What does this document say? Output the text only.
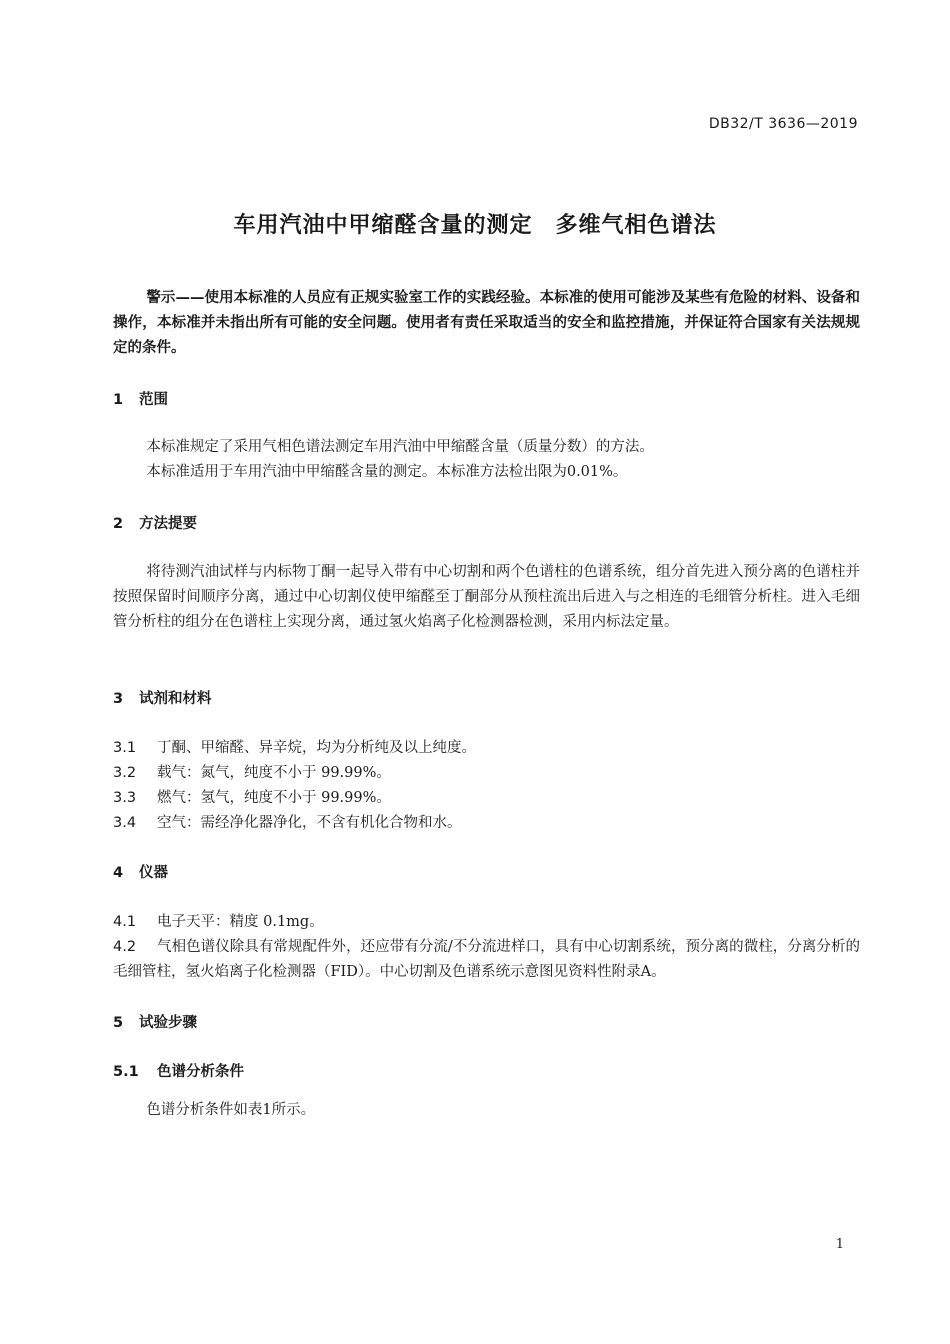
DB32/T 3636—2019
车用汽油中甲缩醛含量的测定　多维气相色谱法
警示——使用本标准的人员应有正规实验室工作的实践经验。本标准的使用可能涉及某些有危险的材料、设备和操作，本标准并未指出所有可能的安全问题。使用者有责任采取适当的安全和监控措施，并保证符合国家有关法规规定的条件。
1 范围
本标准规定了采用气相色谱法测定车用汽油中甲缩醛含量（质量分数）的方法。
本标准适用于车用汽油中甲缩醛含量的测定。本标准方法检出限为0.01%。
2 方法提要
将待测汽油试样与内标物丁酮一起导入带有中心切割和两个色谱柱的色谱系统，组分首先进入预分离的色谱柱并按照保留时间顺序分离，通过中心切割仪使甲缩醛至丁酮部分从预柱流出后进入与之相连的毛细管分析柱。进入毛细管分析柱的组分在色谱柱上实现分离，通过氢火焰离子化检测器检测，采用内标法定量。
3 试剂和材料
3.1 丁酮、甲缩醛、异辛烷，均为分析纯及以上纯度。
3.2 载气：氮气，纯度不小于 99.99%。
3.3 燃气：氢气，纯度不小于 99.99%。
3.4 空气：需经净化器净化，不含有机化合物和水。
4 仪器
4.1 电子天平：精度 0.1mg。
4.2 气相色谱仪除具有常规配件外，还应带有分流/不分流进样口，具有中心切割系统，预分离的微柱，分离分析的毛细管柱，氢火焰离子化检测器（FID）。中心切割及色谱系统示意图见资料性附录A。
5 试验步骤
5.1 色谱分析条件
色谱分析条件如表1所示。
1
